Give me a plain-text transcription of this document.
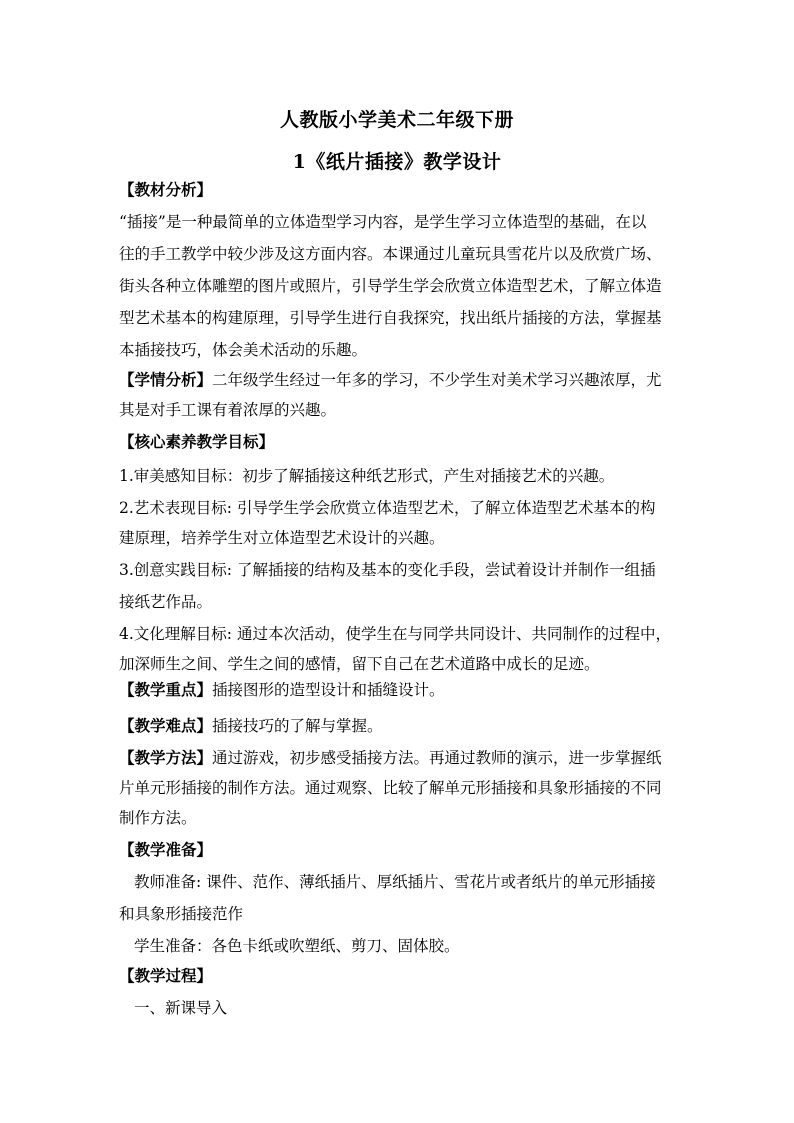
人教版小学美术二年级下册
1《纸片插接》教学设计
【教材分析】
“插接”是一种最简单的立体造型学习内容，是学生学习立体造型的基础，在以
往的手工教学中较少涉及这方面内容。本课通过儿童玩具雪花片以及欣赏广场、
街头各种立体雕塑的图片或照片，引导学生学会欣赏立体造型艺术，了解立体造
型艺术基本的构建原理，引导学生进行自我探究，找出纸片插接的方法，掌握基
本插接技巧，体会美术活动的乐趣。
【学情分析】二年级学生经过一年多的学习，不少学生对美术学习兴趣浓厚，尤
其是对手工课有着浓厚的兴趣。
【核心素养教学目标】
1.审美感知目标：初步了解插接这种纸艺形式，产生对插接艺术的兴趣。
2.艺术表现目标: 引导学生学会欣赏立体造型艺术，了解立体造型艺术基本的构
建原理，培养学生对立体造型艺术设计的兴趣。
3.创意实践目标: 了解插接的结构及基本的变化手段，尝试着设计并制作一组插
接纸艺作品。
4.文化理解目标: 通过本次活动，使学生在与同学共同设计、共同制作的过程中，
加深师生之间、学生之间的感情，留下自己在艺术道路中成长的足迹。
【教学重点】插接图形的造型设计和插缝设计。
【教学难点】插接技巧的了解与掌握。
【教学方法】通过游戏，初步感受插接方法。再通过教师的演示，进一步掌握纸
片单元形插接的制作方法。通过观察、比较了解单元形插接和具象形插接的不同
制作方法。
【教学准备】
教师准备: 课件、范作、薄纸插片、厚纸插片、雪花片或者纸片的单元形插接
和具象形插接范作
学生准备：各色卡纸或吹塑纸、剪刀、固体胶。
【教学过程】
一、新课导入
